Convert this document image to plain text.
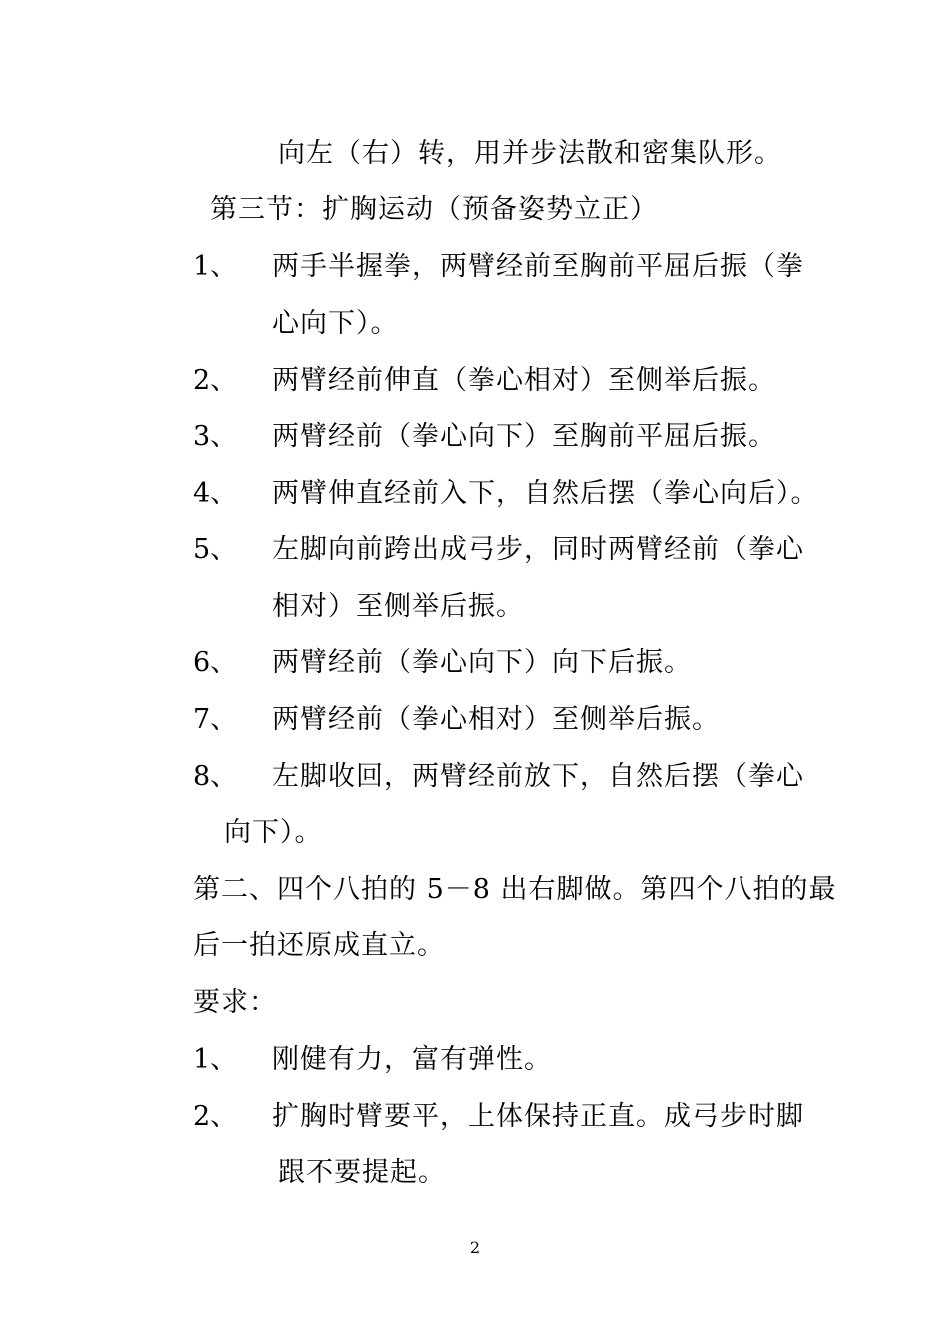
向左（右）转，用并步法散和密集队形。
第三节：扩胸运动（预备姿势立正）
1、 两手半握拳，两臂经前至胸前平屈后振（拳
心向下）。
2、 两臂经前伸直（拳心相对）至侧举后振。
3、 两臂经前（拳心向下）至胸前平屈后振。
4、 两臂伸直经前入下，自然后摆（拳心向后）。
5、 左脚向前跨出成弓步，同时两臂经前（拳心
相对）至侧举后振。
6、 两臂经前（拳心向下）向下后振。
7、 两臂经前（拳心相对）至侧举后振。
8、 左脚收回，两臂经前放下，自然后摆（拳心
向下）。
第二、四个八拍的 5－8 出右脚做。第四个八拍的最
后一拍还原成直立。
要求：
1、 刚健有力，富有弹性。
2、 扩胸时臂要平，上体保持正直。成弓步时脚
跟不要提起。
2
